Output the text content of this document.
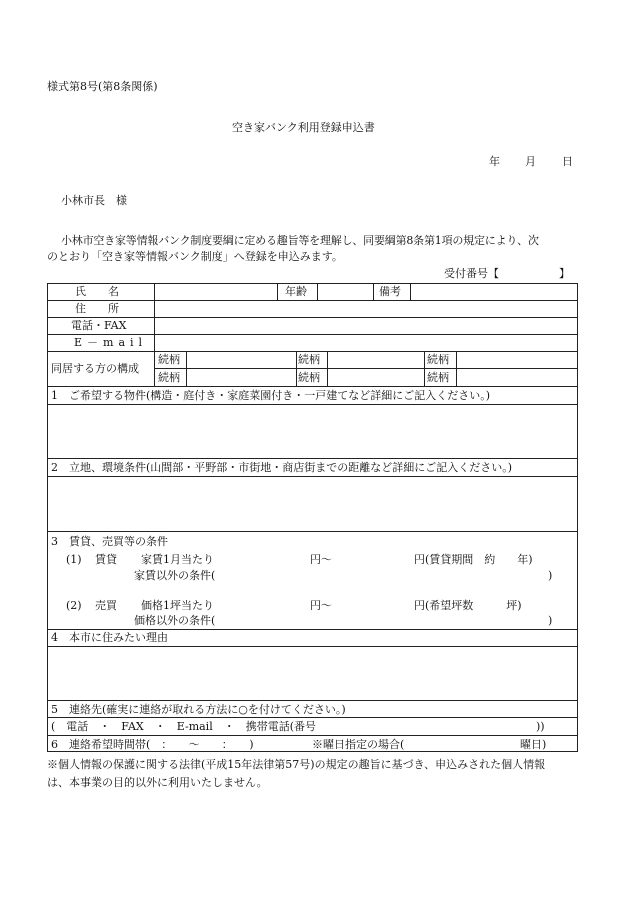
様式第8号(第8条関係)
空き家バンク利用登録申込書
年 月 日
小林市長　様
小林市空き家等情報バンク制度要綱に定める趣旨等を理解し、同要綱第8条第1項の規定により、次
のとおり「空き家等情報バンク制度」へ登録を申込みます。
受付番号【	】
氏　　名	年齢	備考
住　　所
電話・FAX
E－mail
同居する方の構成
続柄	続柄	続柄
続柄	続柄	続柄
1　ご希望する物件(構造・庭付き・家庭菜園付き・一戸建てなど詳細にご記入ください。)
2　立地、環境条件(山間部・平野部・市街地・商店街までの距離など詳細にご記入ください。)
3　賃貸、売買等の条件
(1) 賃貸 家賃1月当たり	円～	円(賃貸期間　約　　年)
家賃以外の条件(	)
(2) 売買 価格1坪当たり	円～	円(希望坪数　　　坪)
価格以外の条件(	)
4　本市に住みたい理由
5　連絡先(確実に連絡が取れる方法に○を付けてください。)
(　電話　・　FAX　・　E-mail　・　携帯電話(番号	))
6　連絡希望時間帯(　：　　～　　：　　)	※曜日指定の場合(	曜日)
※個人情報の保護に関する法律(平成15年法律第57号)の規定の趣旨に基づき、申込みされた個人情報
は、本事業の目的以外に利用いたしません。
